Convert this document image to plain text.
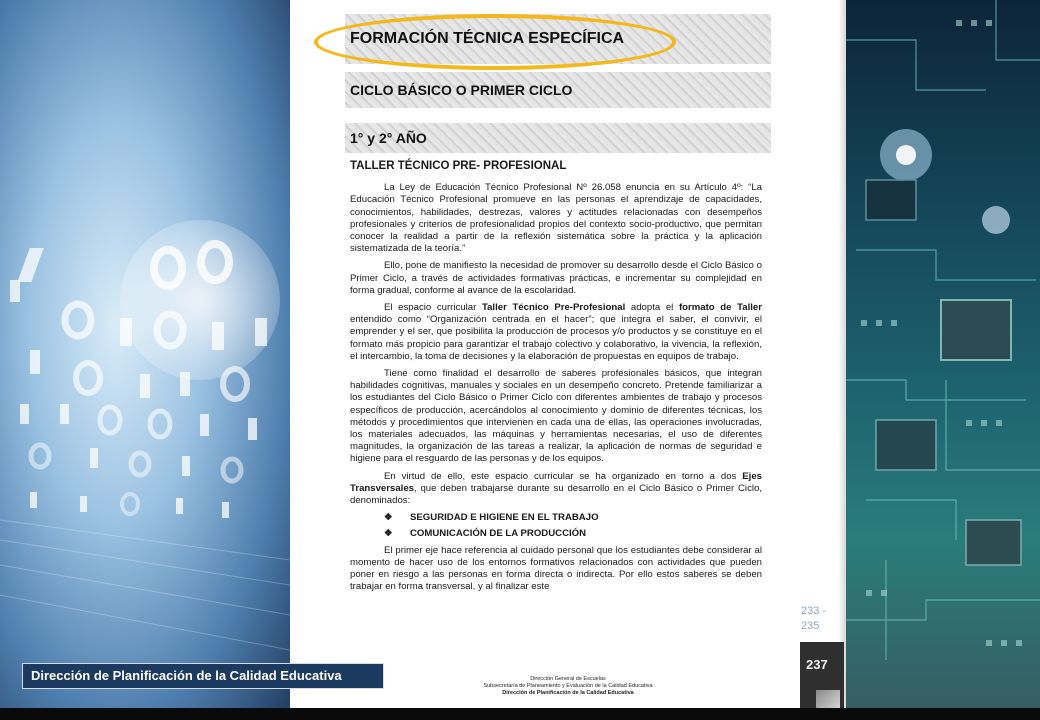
FORMACIÓN TÉCNICA ESPECÍFICA
CICLO BÁSICO O PRIMER CICLO
1° y 2° AÑO
TALLER TÉCNICO PRE- PROFESIONAL

La Ley de Educación Técnico Profesional Nº 26.058 enuncia en su Artículo 4º: “La Educación Técnico Profesional promueve en las personas el aprendizaje de capacidades, conocimientos, habilidades, destrezas, valores y actitudes relacionadas con desempeños profesionales y criterios de profesionalidad propios del contexto socio-productivo, que permitan conocer la realidad a partir de la reflexión sistemática sobre la práctica y la aplicación sistematizada de la teoría.”

Ello, pone de manifiesto la necesidad de promover su desarrollo desde el Ciclo Básico o Primer Ciclo, a través de actividades formativas prácticas, e incrementar su complejidad en forma gradual, conforme al avance de la escolaridad.

El espacio curricular Taller Técnico Pre-Profesional adopta el formato de Taller entendido como “Organización centrada en el hacer”; que integra el saber, el convivir, el emprender y el ser, que posibilita la producción de procesos y/o productos y se constituye en el formato más propicio para garantizar el trabajo colectivo y colaborativo, la vivencia, la reflexión, el intercambio, la toma de decisiones y la elaboración de propuestas en equipos de trabajo.

Tiene como finalidad el desarrollo de saberes profesionales básicos, que integran habilidades cognitivas, manuales y sociales en un desempeño concreto. Pretende familiarizar a los estudiantes del Ciclo Básico o Primer Ciclo con diferentes ambientes de trabajo y procesos específicos de producción, acercándolos al conocimiento y dominio de diferentes técnicas, los métodos y procedimientos que intervienen en cada una de ellas, las operaciones involucradas, los materiales adecuados, las máquinas y herramientas necesarias, el uso de diferentes magnitudes, la organización de las tareas a realizar, la aplicación de normas de seguridad e higiene para el resguardo de las personas y de los equipos.

En virtud de ello, este espacio curricular se ha organizado en torno a dos Ejes Transversales, que deben trabajarse durante su desarrollo en el Ciclo Básico o Primer Ciclo, denominados:

❖ SEGURIDAD E HIGIENE EN EL TRABAJO
❖ COMUNICACIÓN DE LA PRODUCCIÓN

El primer eje hace referencia al cuidado personal que los estudiantes debe considerar al momento de hacer uso de los entornos formativos relacionados con actividades que pueden poner en riesgo a las personas en forma directa o indirecta. Por ello estos saberes se deben trabajar en forma transversal, y al finalizar este

Dirección General de Escuelas
Subsecretaría de Planeamiento y Evaluación de la Calidad Educativa
Dirección de Planificación de la Calidad Educativa
233 - 235
237
Dirección de Planificación de la Calidad Educativa
